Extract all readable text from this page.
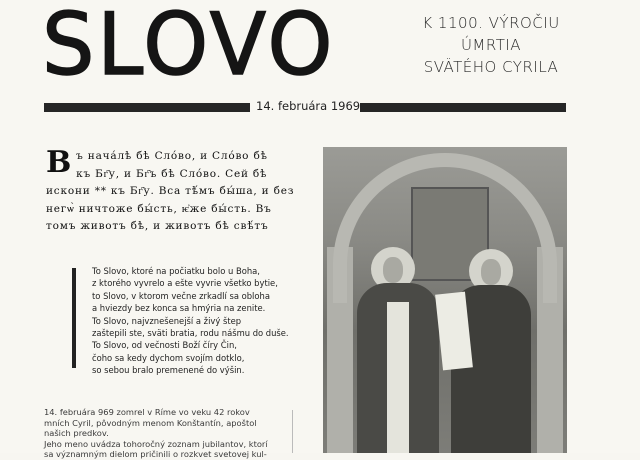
SLOVO	K 1100. VÝROČIU
ÚMRTIA
SVÄTÉHO CYRILA
14. februára 1969
В ъ начáлѣ бѣ Сло́во, и Сло́во бѣ
къ Бг҃у, и Бг҃ъ бѣ Сло́во. Сей бѣ
искони ** къ Бг҃у. Вса тѣ́мъ бы́ша, и без
негѡ̀ ничтоже бы́сть, ѥ҆же бы́сть. Въ
томъ животъ бѣ, и животъ бѣ свѣ́тъ
To Slovo, ktoré na počiatku bolo u Boha,
z ktorého vyvrelo a ešte vyvrie všetko bytie,
to Slovo, v ktorom večne zrkadlí sa obloha
a hviezdy bez konca sa hmýria na zenite.
To Slovo, najvznešenejší a živý štep
zaštepili ste, sväti bratia, rodu nášmu do duše.
To Slovo, od večnosti Boží číry Čin,
čoho sa kedy dychom svojím dotklo,
so sebou bralo premenené do výšin.
14. februára 969 zomrel v Ríme vo veku 42 rokov
mních Cyril, pôvodným menom Konštantín, apoštol
našich predkov.
Jeho meno uvádza tohoročný zoznam jubilantov, ktorí
sa významným dielom pričinili o rozkvet svetovej kul-
